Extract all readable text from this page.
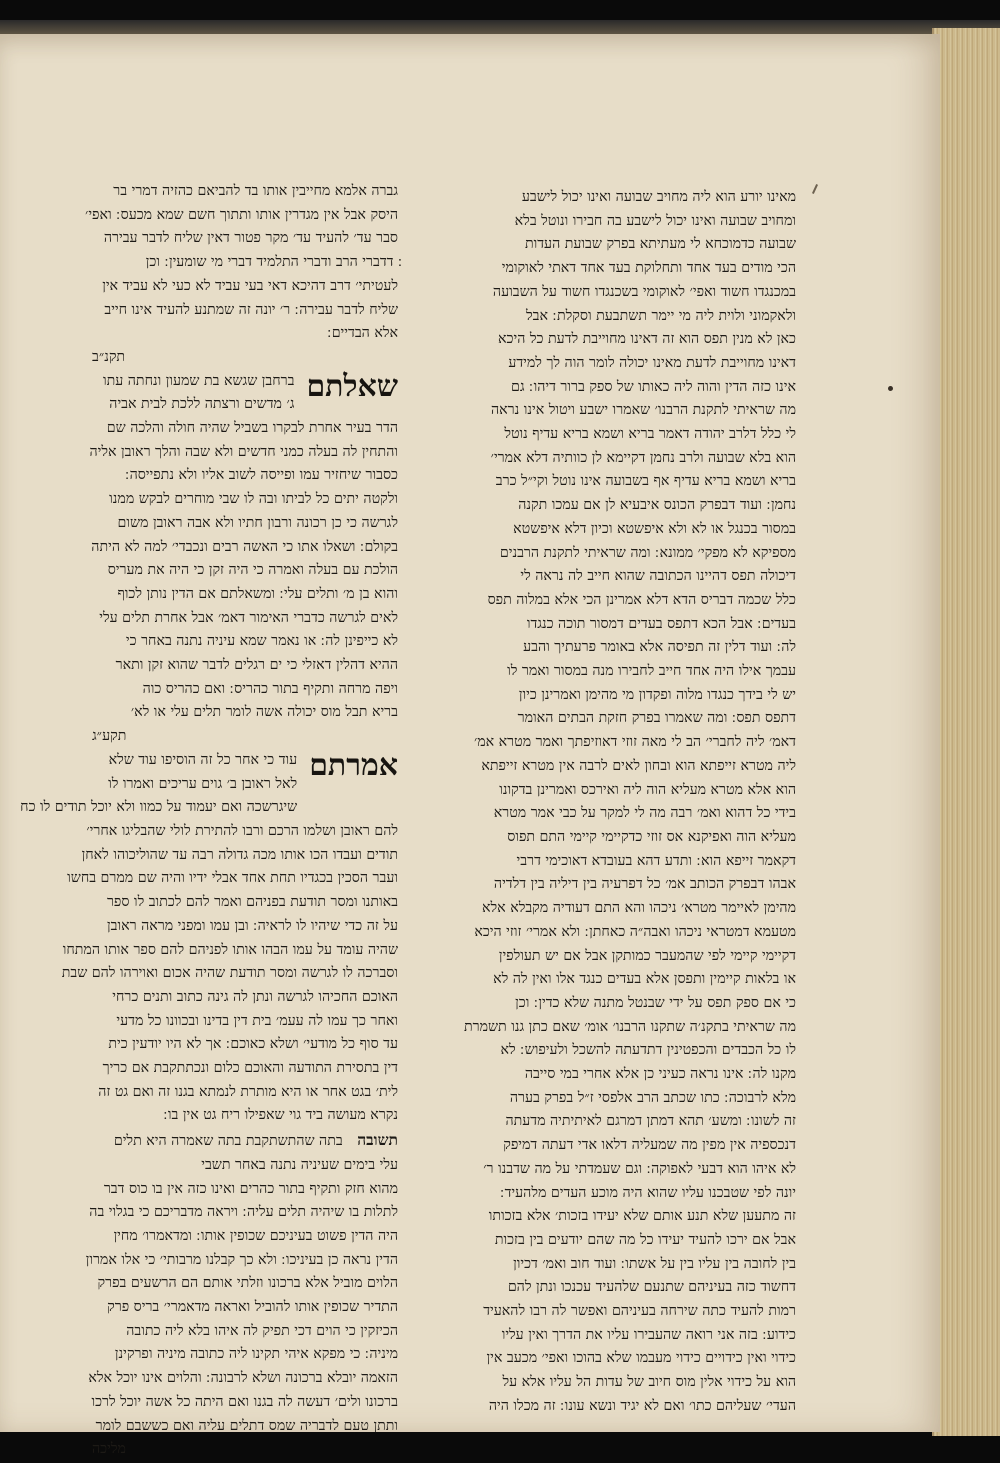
מאינו יורע הוא ליה מחויב שבועה ואינו יכול לישבע
ומחויב שבועה ואינו יכול לישבע בה חבירו ונוטל בלא
שבועה כדמוכחא לי מעתיתא בפרק שבועת העדות
הכי מודים בעד אחד ותחלוקת בעד אחד דאתי לאוקומי
במכנגדו חשוד ואפי׳ לאוקומי בשכנגדו חשוד על השבועה
ולאקמוני ולוית ליה מי יימר תשתבעת וסקלת ׃ אבל
כאן לא מנין תפס הוא זה דאינו מחוייבת לדעת כל היכא
דאינו מחוייבת לדעת מאינו יכולה לומר הוה לך למידע
אינו כזה הדין והוה ליה כאותו של ספק ברור דיהו ׃ גם
מה שראיתי לתקנת הרבנו׳ שאמרו ישבע ויטול אינו נראה
לי כלל דלרב יהודה דאמר בריא ושמא בריא עדיף נוטל
הוא בלא שבועה ולרב נחמן דקיימא לן כוותיה דלא אמרי׳
בריא ושמא בריא עדיף אף בשבועה אינו נוטל וקי״ל כרב
נחמן ׃ ועוד דבפרק הכונס איבעיא לן אם עמכו תקנה
במסור בכנגל או לא ולא איפשטא וכיון דלא איפשטא
מספיקא לא מפקי׳ ממונא ׃ ומה שראיתי לתקנת הרבנים
דיכולה תפס דהיינו הכתובה שהוא חייב לה נראה לי
כלל שכמה דבריס הדא דלא אמרינן הכי אלא במלוה תפס
בעדים ׃ אבל הכא דתפס בעדים דמסור תוכה כנגדו
לה ׃ ועוד דלין זה תפיסה אלא באומר פרעתיך והבע
עבמך אילו היה אחד חייב לחבירו מנה במסור ואמר לו
יש לי בידך כנגדו מלוה ופקדון מי מהימן ואמרינן כיון
דתפס תפס ׃ ומה שאמרו בפרק חזקת הבתים האומר
דאמ׳ ליה לחברי׳ הב לי מאה זוזי דאוזיפתך ואמר מטרא אמ׳
ליה מטרא זייפתא הוא ובחון לאים לרבה אין מטרא זייפתא
הוא אלא מטרא מעליא הוה ליה ואירכס ואמרינן בדקונו
בידי כל דהוא ואמ׳ רבה מה לי למקר על כבי אמר מטרא
מעליא הוה ואפיקנא אס זוזי כדקיימי קיימי התם תפוס
דקאמר זייפא הוא ׃ ותדע דהא בעובדא דאוכימי דרבי
אבהו דבפרק הכותב אמ׳ כל דפרעיה בין דיליה בין דלדיה
מהימן לאיימר מטרא׳ ניכהו והא התם דעודיה מקבלא אלא
מטעמא דמטראי ניכהו ואבה״ה כאחתן ׃ ולא אמרי׳ זוזי היכא
דקיימי קיימי לפי שהמעבר כמותקן אבל אם יש תעולפין
או בלאות קיימין ותפסן אלא בעדים כנגד אלו ואין לה לא
כי אם ספק תפס על ידי שבנטל מתנה שלא כדין ׃ וכן
מה שראיתי בתקנ׳ה שתקנו הרבנו׳ אומ׳ שאם כתן גנו תשמרת
לו כל הכבדים והכפטינין דתדעתה להשכל ולעיפוש ׃ לא
מקנו לה ׃ אינו נראה כעיני כן אלא אחרי במי סייבה
מלא לרבוכה ׃ כתו שכתב הרב אלפסי ז״ל בפרק בערה
זה לשונו ׃ ומשע׳ תהא דמתן דמרגם לאיתיתיה מדעתה
דנכספיה אין מפין מה שמעליה דלאו אדי דעתה דמיפק
לא איהו הוא דבעי לאפוקה ׃ וגם שעמדתי על מה שדבנו ר׳
יונה לפי שטבכנו עליו שהוא היה מוכע העדים מלהעיד ׃
זה מתעען שלא תנע אותם שלא יעידו בזכות׳ אלא בזכותו
אבל אם ירכו להעיד יעידו כל מה שהם יודעים בין בזכות
בין לחובה בין עליו בין על אשתו ׃ ועוד חוב ואמ׳ דכיון
דחשוד כזה בעיניהם שתנעם שלהעיד עכנכו ונתן להם
רמות להעיד כתה שירחה בעיניהם ואפשר לה רבו להאעיד
כידוע ׃ בזה אני רואה שהעבירו עליו את הדרך ואין עליו
כידוי ואין כידויים כידוי מעבמו שלא בהוכו ואפי׳ מכעב אין
הוא על כידוי אלין מוס חיוב של עדות הל עליו אלא על
העדי׳ שעליהם כתו׳ ואם לא יגיד ונשא עונו ׃ זה מכלו היה
גברה אלמא מחייבין אותו בד להביאם כהזיה דמרי בר
היסק אבל אין מגדרין אותו ותתוך חשם שמא מכעס ׃ ואפי׳
סבר עד׳ להעיד עד׳ מקר פטור דאין שליח לדבר עבירה
׃ דדברי הרב ודברי התלמיד דברי מי שומעין ׃ וכן
לעטיתי׳ דרב דהיכא דאי בעי עביד לא כעי לא עביד אין
שליח לדבר עבירה ׃ ר׳ יונה זה שמתנע להעיד אינו חייב
אלא הבדיים ׃
תקנ״ב
שאלתם
ברחבן שגשא בת שמעון ונחתה עתו
ג׳ מדשים ורצתה ללכת לבית אביה
הדר בעיר אחרת לבקרו בשביל שהיה חולה והלכה שם
והתחין לה בעלה כמני חדשים ולא שבה והלך ראובן אליה
כסבור שיחזיר עמו ופייסה לשוב אליו ולא נתפייסה ׃
ולקטה יתים כל לביתו ובה לו שבי מוחרים לבקש ממנו
לגרשה כי כן רכונה ורבון חתיו ולא אבה ראובן משום
בקולם ׃ ושאלו אתו כי האשה רבים ונכבדי׳ למה לא היתה
הולכת עם בעלה ואמרה כי היה זקן כי היה את מעריס
והוא בן מ׳ ותלים עלי ׃ ומשאלתם אם הדין נותן לכוף
לאים לגרשה כדברי האימור דאמ׳ אבל אחרת תלים עלי
לא כייפינן לה ׃ או נאמר שמא עיניה נתנה באחר כי
ההיא דהלין דאזלי כי ים רגלים לדבר שהוא זקן ותאר
ויפה מרחה ותקיף בתור כהריס ׃ ואם כהריס כוה
בריא תבל מוס יכולה אשה לומר תלים עלי או לא׳
תקע״ג
אמרתם
עוד כי אחר כל זה הוסיפו עוד שלא
לאל ראובן ב׳ גוים עריכים ואמרו לו
שיגרשכה ואם יעמוד על כמוו ולא יוכל תודים לו כח
להם ראובן ושלמו הרכם ורבו להתירת לולי שהבליגו אחרי׳
תודים ועבדו הכו אותו מכה גדולה רבה עד שהוליכוהו לאחן
ועבר הסכין בכגדיו תחת אחד אבלי ידיו והיה שם ממרם בחשו
באותנו ומסר תודעת בפניהם ואמר להם לכתוב לו ספר
על זה כדי שיהיו לו לראיה ׃ ובן עמו ומפני מראה ראובן
שהיה עומד על עמו הבהו אותו לפניהם להם ספר אותו המתחו
וסברכה לו לגרשה ומסר תודעת שהיה אכום ואוירהו להם שבת
האוכם החכיהו לגרשה ונתן לה גינה כתוב ותנים כרחי
ואחר כך עמו לה עעמ׳ בית דין בדינו ובכוונו כל מדעי
עד סוף כל מודעי׳ ושלא כאוכם ׃ אך לא היו יודעין כית
דין בתסירת התודעה והאוכם כלום ונכתתקבת אם כריך
לית׳ בגט אחר או היא מותרת לנמתא בגנו זה ואם גט זה
נקרא מעושה ביד גוי שאפילו ריח גט אין בו ׃
תשובה בתה שהתשתקבת בתה שאמרה היא תלים
עלי בימים שעיניה נתנה באחר תשבי
מהוא חזק ותקיף בתור כהרים ואינו כזה אין בו כוס דבר
לתלות בו שיהיה תלים עליה ׃ ויראה מדבריכם כי בגלוי בה
היה הדין פשוט בעיניכם שכופין אותו ׃ ומדאמרו׳ מחין
הדין נראה כן בעיניכו ׃ ולא כך קבלנו מרבותי׳ כי אלו אמרון
הלוים מוביל אלא ברכונו וזלתי אותם הם הרשעים בפרק
התדיר שכופין אותו להוביל ואראה מדאמרי׳ בריס פרק
הכיזקין כי הוים דכי תפיק לה איהו בלא ליה כתובה
מיניה ׃ כי מפקא איהי תקינו ליה כתובה מיניה ופרקינן
הזאמה יובלא ברכונה ושלא לרבונה ׃ והלוים אינו יוכל אלא
ברכונו ולים׳ דעשה לה בגנו ואם היתה כל אשה יוכל לרכו
ותתן טעם לדבריה שמס דתלים עליה ואם כששבם לומר
מליכה
